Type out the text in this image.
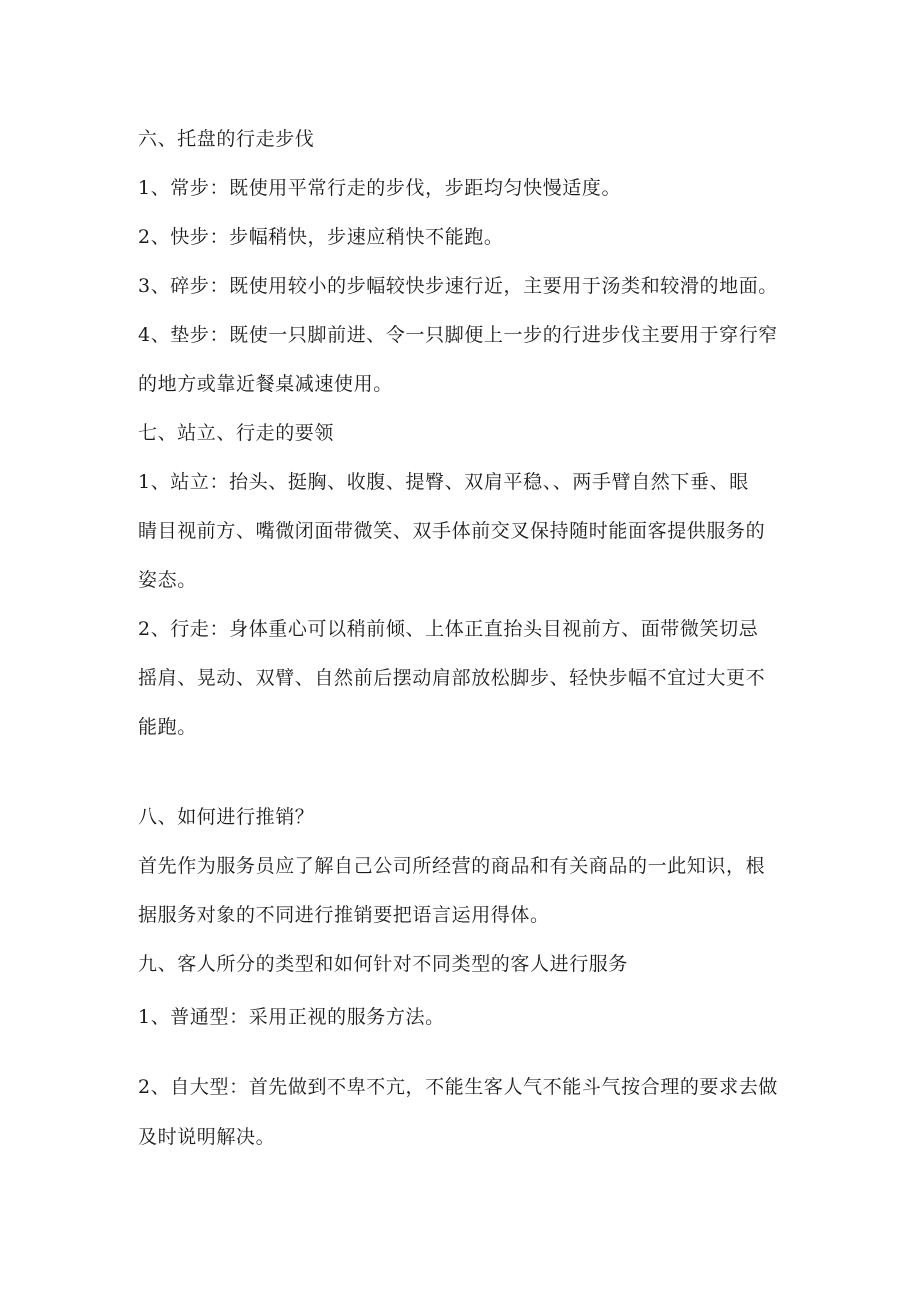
六、托盘的行走步伐
1、常步：既使用平常行走的步伐，步距均匀快慢适度。
2、快步：步幅稍快，步速应稍快不能跑。
3、碎步：既使用较小的步幅较快步速行近，主要用于汤类和较滑的地面。
4、垫步：既使一只脚前进、令一只脚便上一步的行进步伐主要用于穿行窄
的地方或靠近餐桌减速使用。
七、站立、行走的要领
1、站立：抬头、挺胸、收腹、提臀、双肩平稳、、两手臂自然下垂、眼
睛目视前方、嘴微闭面带微笑、双手体前交叉保持随时能面客提供服务的
姿态。
2、行走：身体重心可以稍前倾、上体正直抬头目视前方、面带微笑切忌
摇肩、晃动、双臂、自然前后摆动肩部放松脚步、轻快步幅不宜过大更不
能跑。
八、如何进行推销？
首先作为服务员应了解自己公司所经营的商品和有关商品的一此知识，根
据服务对象的不同进行推销要把语言运用得体。
九、客人所分的类型和如何针对不同类型的客人进行服务
1、普通型：采用正视的服务方法。
2、自大型：首先做到不卑不亢，不能生客人气不能斗气按合理的要求去做
及时说明解决。
